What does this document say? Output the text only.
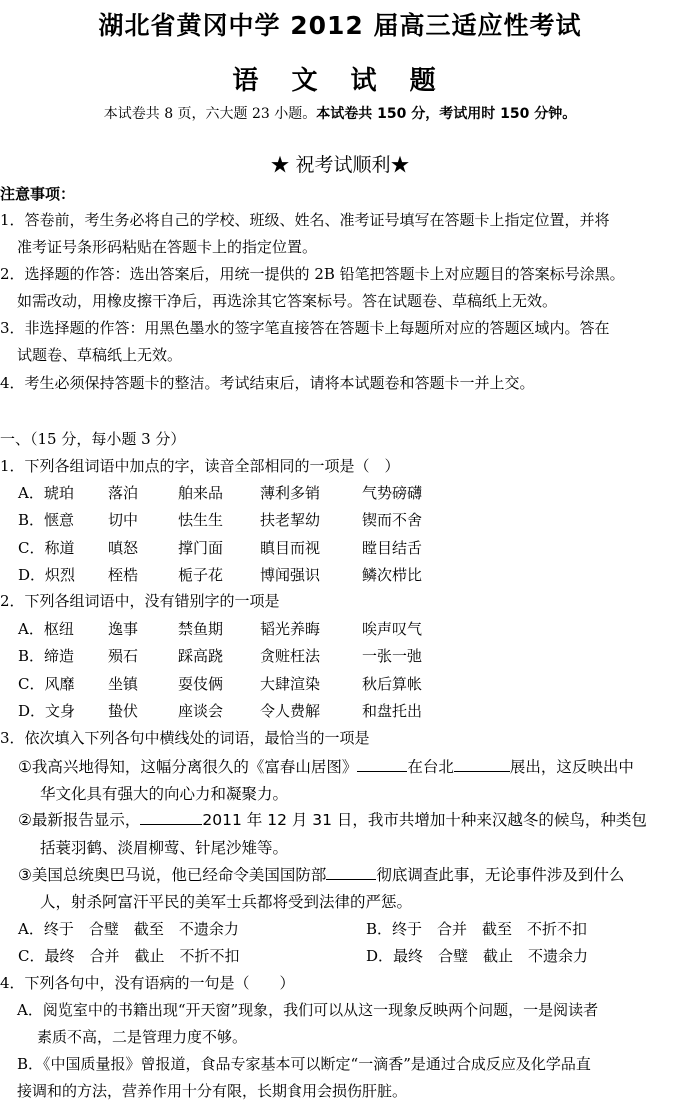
湖北省黄冈中学 2012 届高三适应性考试
语 文 试 题
本试卷共 8 页，六大题 23 小题。本试卷共 150 分，考试用时 150 分钟。
★ 祝考试顺利★
注意事项：
1．答卷前，考生务必将自己的学校、班级、姓名、准考证号填写在答题卡上指定位置，并将
准考证号条形码粘贴在答题卡上的指定位置。
2．选择题的作答：选出答案后，用统一提供的 2B 铅笔把答题卡上对应题目的答案标号涂黑。
如需改动，用橡皮擦干净后，再选涂其它答案标号。答在试题卷、草稿纸上无效。
3．非选择题的作答：用黑色墨水的签字笔直接答在答题卡上每题所对应的答题区域内。答在
试题卷、草稿纸上无效。
4．考生必须保持答题卡的整洁。考试结束后，请将本试题卷和答题卡一并上交。
一、（15 分，每小题 3 分）
1．下列各组词语中加点的字，读音全部相同的一项是（　）
A．琥珀 落泊	舶来品 薄利多销	气势磅礴
B．惬意 切中	怯生生 扶老挈幼	锲而不舍
C．称道 嗔怒	撑门面 瞋目而视	瞠目结舌
D．炽烈 桎梏	栀子花 博闻强识	鳞次栉比
2．下列各组词语中，没有错别字的一项是
A．枢纽 逸事	禁鱼期 韬光养晦	唉声叹气
B．缔造 殒石	踩高跷 贪赃枉法	一张一弛
C．风靡 坐镇	耍伎俩 大肆渲染	秋后算帐
D．文身 蛰伏	座谈会 令人费解	和盘托出
3．依次填入下列各句中横线处的词语，最恰当的一项是
①我高兴地得知，这幅分离很久的《富春山居图》	在台北	展出，这反映出中
华文化具有强大的向心力和凝聚力。
②最新报告显示，	2011 年 12 月 31 日，我市共增加十种来汉越冬的候鸟，种类包
括蓑羽鹤、淡眉柳莺、针尾沙雉等。
③美国总统奥巴马说，他已经命令美国国防部	彻底调查此事，无论事件涉及到什么
人，射杀阿富汗平民的美军士兵都将受到法律的严惩。
A．终于　合璧　截至　不遗余力	B．终于　合并　截至　不折不扣
C．最终　合并　截止　不折不扣	D．最终　合璧　截止　不遗余力
4．下列各句中，没有语病的一句是（　　）
A．阅览室中的书籍出现“开天窗”现象，我们可以从这一现象反映两个问题，一是阅读者
素质不高，二是管理力度不够。
B．《中国质量报》曾报道，食品专家基本可以断定“一滴香”是通过合成反应及化学品直
接调和的方法，营养作用十分有限，长期食用会损伤肝脏。
